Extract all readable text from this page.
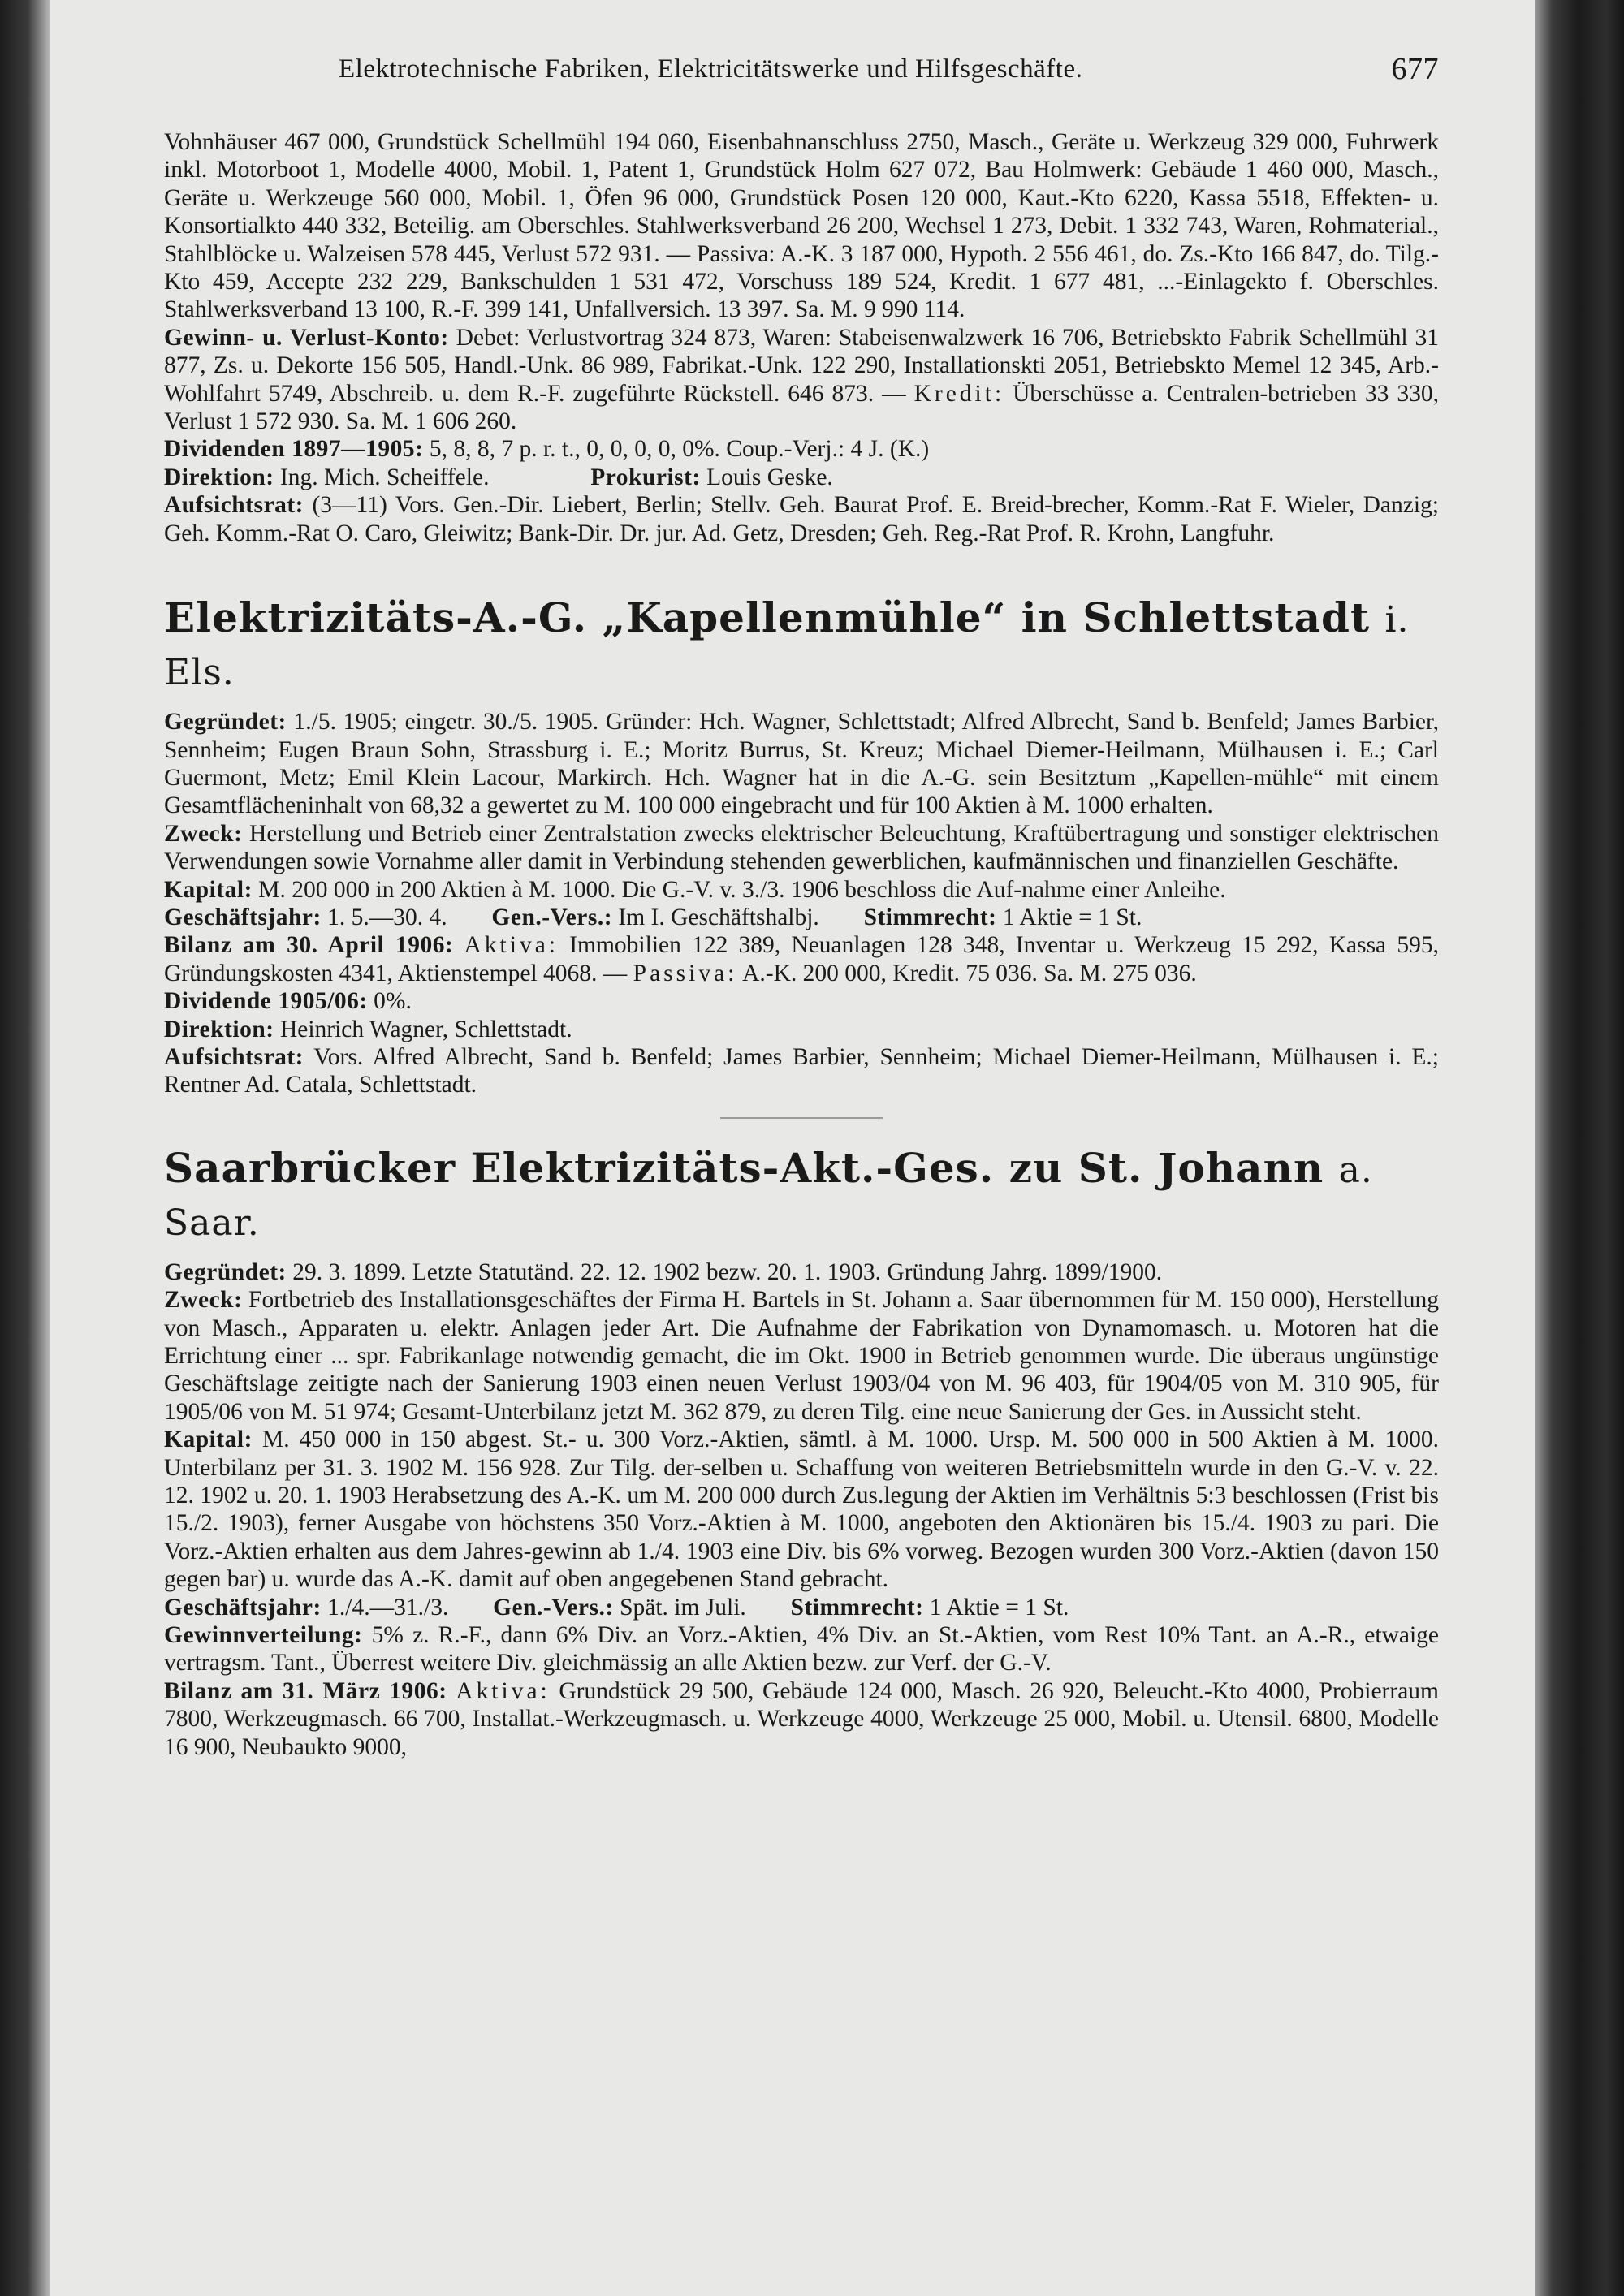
Elektrotechnische Fabriken, Elektricitätswerke und Hilfsgeschäfte.	677
Vohnhäuser 467 000, Grundstück Schellmühl 194 060, Eisenbahnanschluss 2750, Masch., Geräte u. Werkzeug 329 000, Fuhrwerk inkl. Motorboot 1, Modelle 4000, Mobil. 1, Patent 1, Grundstück Holm 627 072, Bau Holmwerk: Gebäude 1 460 000, Masch., Geräte u. Werkzeuge 560 000, Mobil. 1, Öfen 96 000, Grundstück Posen 120 000, Kaut.-Kto 6220, Kassa 5518, Effekten- u. Konsortialkto 440 332, Beteilig. am Oberschles. Stahlwerksverband 26 200, Wechsel 1 273, Debit. 1 332 743, Waren, Rohmaterial., Stahlblöcke u. Walzeisen 578 445, Verlust 572 931. — Passiva: A.-K. 3 187 000, Hypoth. 2 556 461, do. Zs.-Kto 166 847, do. Tilg.-Kto 459, Accepte 232 229, Bankschulden 1 531 472, Vorschuss 189 524, Kredit. 1 677 481, ...-Einlagekto f. Oberschles. Stahlwerksverband 13 100, R.-F. 399 141, Unfallversich. 13 397. Sa. M. 9 990 114.
Gewinn- u. Verlust-Konto: Debet: Verlustvortrag 324 873, Waren: Stabeisenwalzwerk 16 706, Betriebskto Fabrik Schellmühl 31 877, Zs. u. Dekorte 156 505, Handl.-Unk. 86 989, Fabrikat.-Unk. 122 290, Installationskti 2051, Betriebskto Memel 12 345, Arb.-Wohlfahrt 5749, Abschreib. u. dem R.-F. zugeführte Rückstell. 646 873. — Kredit: Überschüsse a. Centralen-betrieben 33 330, Verlust 1 572 930. Sa. M. 1 606 260.
Dividenden 1897—1905: 5, 8, 8, 7 p. r. t., 0, 0, 0, 0, 0%. Coup.-Verj.: 4 J. (K.)
Direktion: Ing. Mich. Scheiffele.	Prokurist: Louis Geske.
Aufsichtsrat: (3—11) Vors. Gen.-Dir. Liebert, Berlin; Stellv. Geh. Baurat Prof. E. Breid-brecher, Komm.-Rat F. Wieler, Danzig; Geh. Komm.-Rat O. Caro, Gleiwitz; Bank-Dir. Dr. jur. Ad. Getz, Dresden; Geh. Reg.-Rat Prof. R. Krohn, Langfuhr.
Elektrizitäts-A.-G. „Kapellenmühle“ in Schlettstadt i. Els.
Gegründet: 1./5. 1905; eingetr. 30./5. 1905. Gründer: Hch. Wagner, Schlettstadt; Alfred Albrecht, Sand b. Benfeld; James Barbier, Sennheim; Eugen Braun Sohn, Strassburg i. E.; Moritz Burrus, St. Kreuz; Michael Diemer-Heilmann, Mülhausen i. E.; Carl Guermont, Metz; Emil Klein Lacour, Markirch. Hch. Wagner hat in die A.-G. sein Besitztum „Kapellen-mühle“ mit einem Gesamtflächeninhalt von 68,32 a gewertet zu M. 100 000 eingebracht und für 100 Aktien à M. 1000 erhalten.
Zweck: Herstellung und Betrieb einer Zentralstation zwecks elektrischer Beleuchtung, Kraftübertragung und sonstiger elektrischen Verwendungen sowie Vornahme aller damit in Verbindung stehenden gewerblichen, kaufmännischen und finanziellen Geschäfte.
Kapital: M. 200 000 in 200 Aktien à M. 1000. Die G.-V. v. 3./3. 1906 beschloss die Auf-nahme einer Anleihe.
Geschäftsjahr: 1. 5.—30. 4. Gen.-Vers.: Im I. Geschäftshalbj. Stimmrecht: 1 Aktie = 1 St.
Bilanz am 30. April 1906: Aktiva: Immobilien 122 389, Neuanlagen 128 348, Inventar u. Werkzeug 15 292, Kassa 595, Gründungskosten 4341, Aktienstempel 4068. — Passiva: A.-K. 200 000, Kredit. 75 036. Sa. M. 275 036.
Dividende 1905/06: 0%.
Direktion: Heinrich Wagner, Schlettstadt.
Aufsichtsrat: Vors. Alfred Albrecht, Sand b. Benfeld; James Barbier, Sennheim; Michael Diemer-Heilmann, Mülhausen i. E.; Rentner Ad. Catala, Schlettstadt.
Saarbrücker Elektrizitäts-Akt.-Ges. zu St. Johann a. Saar.
Gegründet: 29. 3. 1899. Letzte Statutänd. 22. 12. 1902 bezw. 20. 1. 1903. Gründung Jahrg. 1899/1900.
Zweck: Fortbetrieb des Installationsgeschäftes der Firma H. Bartels in St. Johann a. Saar übernommen für M. 150 000), Herstellung von Masch., Apparaten u. elektr. Anlagen jeder Art. Die Aufnahme der Fabrikation von Dynamomasch. u. Motoren hat die Errichtung einer ... spr. Fabrikanlage notwendig gemacht, die im Okt. 1900 in Betrieb genommen wurde. Die überaus ungünstige Geschäftslage zeitigte nach der Sanierung 1903 einen neuen Verlust 1903/04 von M. 96 403, für 1904/05 von M. 310 905, für 1905/06 von M. 51 974; Gesamt-Unterbilanz jetzt M. 362 879, zu deren Tilg. eine neue Sanierung der Ges. in Aussicht steht.
Kapital: M. 450 000 in 150 abgest. St.- u. 300 Vorz.-Aktien, sämtl. à M. 1000. Ursp. M. 500 000 in 500 Aktien à M. 1000. Unterbilanz per 31. 3. 1902 M. 156 928. Zur Tilg. der-selben u. Schaffung von weiteren Betriebsmitteln wurde in den G.-V. v. 22. 12. 1902 u. 20. 1. 1903 Herabsetzung des A.-K. um M. 200 000 durch Zus.legung der Aktien im Verhältnis 5:3 beschlossen (Frist bis 15./2. 1903), ferner Ausgabe von höchstens 350 Vorz.-Aktien à M. 1000, angeboten den Aktionären bis 15./4. 1903 zu pari. Die Vorz.-Aktien erhalten aus dem Jahres-gewinn ab 1./4. 1903 eine Div. bis 6% vorweg. Bezogen wurden 300 Vorz.-Aktien (davon 150 gegen bar) u. wurde das A.-K. damit auf oben angegebenen Stand gebracht.
Geschäftsjahr: 1./4.—31./3. Gen.-Vers.: Spät. im Juli. Stimmrecht: 1 Aktie = 1 St.
Gewinnverteilung: 5% z. R.-F., dann 6% Div. an Vorz.-Aktien, 4% Div. an St.-Aktien, vom Rest 10% Tant. an A.-R., etwaige vertragsm. Tant., Überrest weitere Div. gleichmässig an alle Aktien bezw. zur Verf. der G.-V.
Bilanz am 31. März 1906: Aktiva: Grundstück 29 500, Gebäude 124 000, Masch. 26 920, Beleucht.-Kto 4000, Probierraum 7800, Werkzeugmasch. 66 700, Installat.-Werkzeugmasch. u. Werkzeuge 4000, Werkzeuge 25 000, Mobil. u. Utensil. 6800, Modelle 16 900, Neubaukto 9000,
